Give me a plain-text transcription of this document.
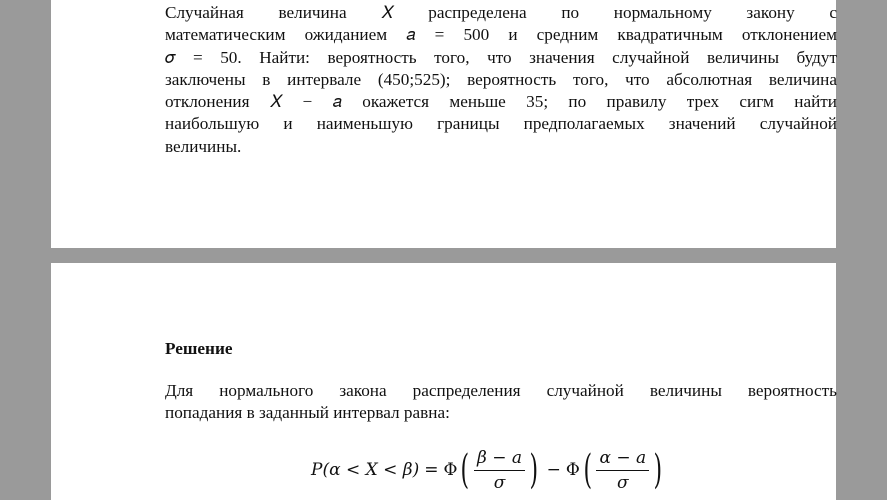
Случайная величина 𝑋 распределена по нормальному закону с
математическим ожиданием 𝑎 = 500 и средним квадратичным отклонением
𝜎 = 50. Найти: вероятность того, что значения случайной величины будут
заключены в интервале (450;525); вероятность того, что абсолютная величина
отклонения 𝑋 − 𝑎 окажется меньше 35; по правилу трех сигм найти
наибольшую и наименьшую границы предполагаемых значений случайной
величины.
Решение
Для нормального закона распределения случайной величины вероятность
попадания в заданный интервал равна:
P(α < X < β) = Φ ( $\frac{\beta - a}{\sigma}$ ) − Φ ( $\frac{\alpha - a}{\sigma}$ )
